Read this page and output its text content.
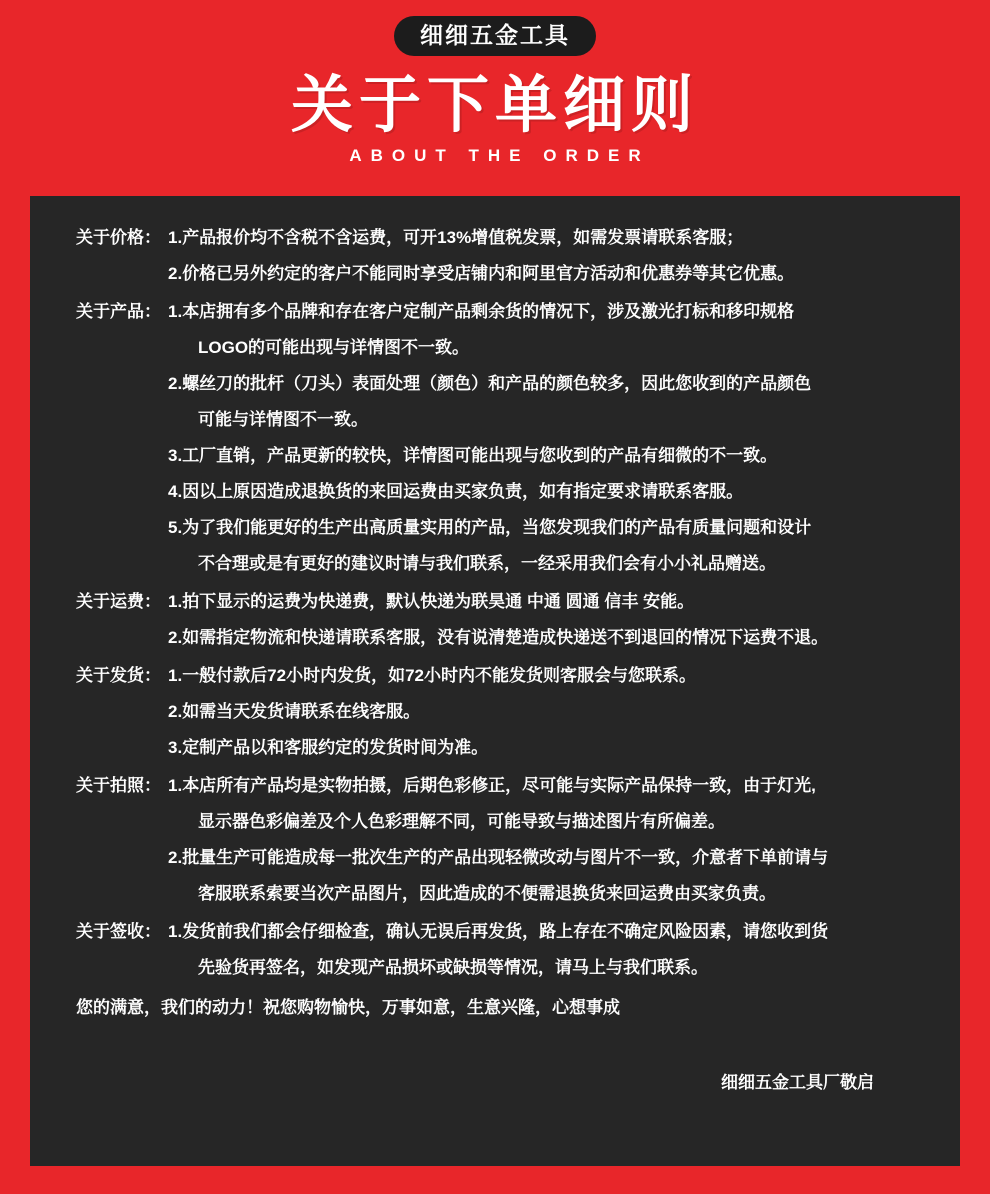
细细五金工具
关于下单细则
ABOUT THE ORDER
关于价格： 1.产品报价均不含税不含运费，可开13%增值税发票，如需发票请联系客服；
2.价格已另外约定的客户不能同时享受店铺内和阿里官方活动和优惠券等其它优惠。
关于产品： 1.本店拥有多个品牌和存在客户定制产品剩余货的情况下，涉及激光打标和移印规格
LOGO的可能出现与详情图不一致。
2.螺丝刀的批杆（刀头）表面处理（颜色）和产品的颜色较多，因此您收到的产品颜色
可能与详情图不一致。
3.工厂直销，产品更新的较快，详情图可能出现与您收到的产品有细微的不一致。
4.因以上原因造成退换货的来回运费由买家负责，如有指定要求请联系客服。
5.为了我们能更好的生产出高质量实用的产品，当您发现我们的产品有质量问题和设计
不合理或是有更好的建议时请与我们联系，一经采用我们会有小小礼品赠送。
关于运费： 1.拍下显示的运费为快递费，默认快递为联昊通 中通 圆通 信丰 安能。
2.如需指定物流和快递请联系客服，没有说清楚造成快递送不到退回的情况下运费不退。
关于发货： 1.一般付款后72小时内发货，如72小时内不能发货则客服会与您联系。
2.如需当天发货请联系在线客服。
3.定制产品以和客服约定的发货时间为准。
关于拍照： 1.本店所有产品均是实物拍摄，后期色彩修正，尽可能与实际产品保持一致，由于灯光,
显示器色彩偏差及个人色彩理解不同，可能导致与描述图片有所偏差。
2.批量生产可能造成每一批次生产的产品出现轻微改动与图片不一致，介意者下单前请与
客服联系索要当次产品图片，因此造成的不便需退换货来回运费由买家负责。
关于签收： 1.发货前我们都会仔细检查，确认无误后再发货，路上存在不确定风险因素，请您收到货
先验货再签名，如发现产品损坏或缺损等情况，请马上与我们联系。
您的满意，我们的动力！祝您购物愉快，万事如意，生意兴隆，心想事成
细细五金工具厂敬启
